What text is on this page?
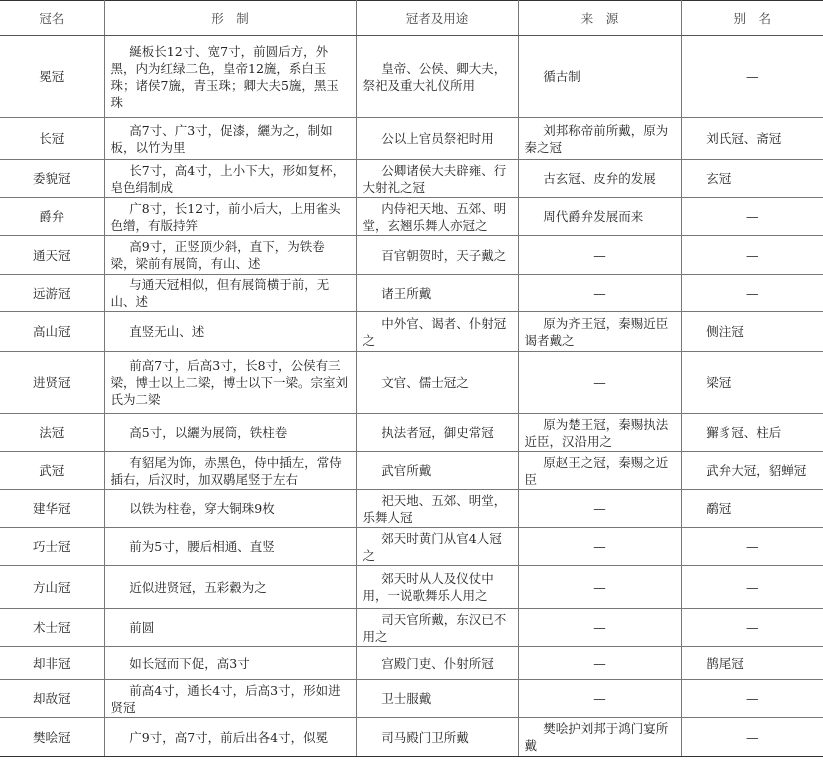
冠名	形　制	冠者及用途	来　源	别　名
冕冠	綖板长12寸、宽7寸，前圆后方，外黑，内为红绿二色，皇帝12旒，系白玉珠；诸侯7旒，青玉珠；卿大夫5旒，黑玉珠	皇帝、公侯、卿大夫，祭祀及重大礼仪所用	循古制	—
长冠	高7寸、广3寸，促漆，纚为之，制如板，以竹为里	公以上官员祭祀时用	刘邦称帝前所戴，原为秦之冠	刘氏冠、斋冠
委貌冠	长7寸，高4寸，上小下大，形如复杯，皂色绢制成	公卿诸侯大夫辟雍、行大射礼之冠	古玄冠、皮弁的发展	玄冠
爵弁	广8寸，长12寸，前小后大，上用雀头色缯，有版持笄	内侍祀天地、五郊、明堂，玄翘乐舞人亦冠之	周代爵弁发展而来	—
通天冠	高9寸，正竖顶少斜，直下，为铁卷梁，梁前有展筒，有山、述	百官朝贺时，天子戴之	—	—
远游冠	与通天冠相似，但有展筒横于前，无山、述	诸王所戴	—	—
高山冠	直竖无山、述	中外官、谒者、仆射冠之	原为齐王冠，秦赐近臣谒者戴之	侧注冠
进贤冠	前高7寸，后高3寸，长8寸，公侯有三梁，博士以上二梁，博士以下一梁。宗室刘氏为二梁	文官、儒士冠之	—	梁冠
法冠	高5寸，以纚为展筒，铁柱卷	执法者冠，御史常冠	原为楚王冠，秦赐执法近臣，汉沿用之	獬豸冠、柱后
武冠	有貂尾为饰，赤黑色，侍中插左，常侍插右，后汉时，加双鹖尾竖于左右	武官所戴	原赵王之冠，秦赐之近臣	武弁大冠，貂蝉冠
建华冠	以铁为柱卷，穿大铜珠9枚	祀天地、五郊、明堂，乐舞人冠	—	鹬冠
巧士冠	前为5寸，腰后相通、直竖	郊天时黄门从官4人冠之	—	—
方山冠	近似进贤冠，五彩縠为之	郊天时从人及仪仗中用，一说歌舞乐人用之	—	—
术士冠	前圆	司天官所戴，东汉已不用之	—	—
却非冠	如长冠而下促，高3寸	宫殿门吏、仆射所冠	—	鹊尾冠
却敌冠	前高4寸，通长4寸，后高3寸，形如进贤冠	卫士服戴	—	—
樊哙冠	广9寸，高7寸，前后出各4寸，似冕	司马殿门卫所戴	樊哙护刘邦于鸿门宴所戴	—
